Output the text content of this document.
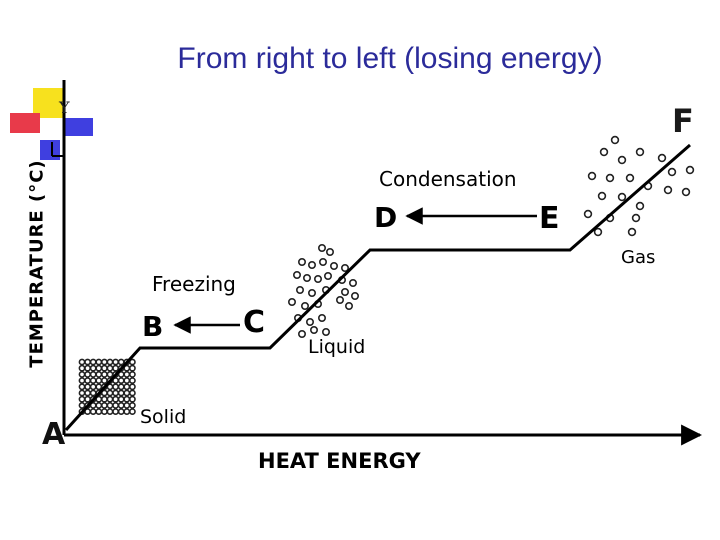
From right to left (losing energy)
TEMPERATURE (°C)
Y
HEAT ENERGY
A
B	C
D	E
F
Freezing
Condensation
Solid
Liquid
Gas
